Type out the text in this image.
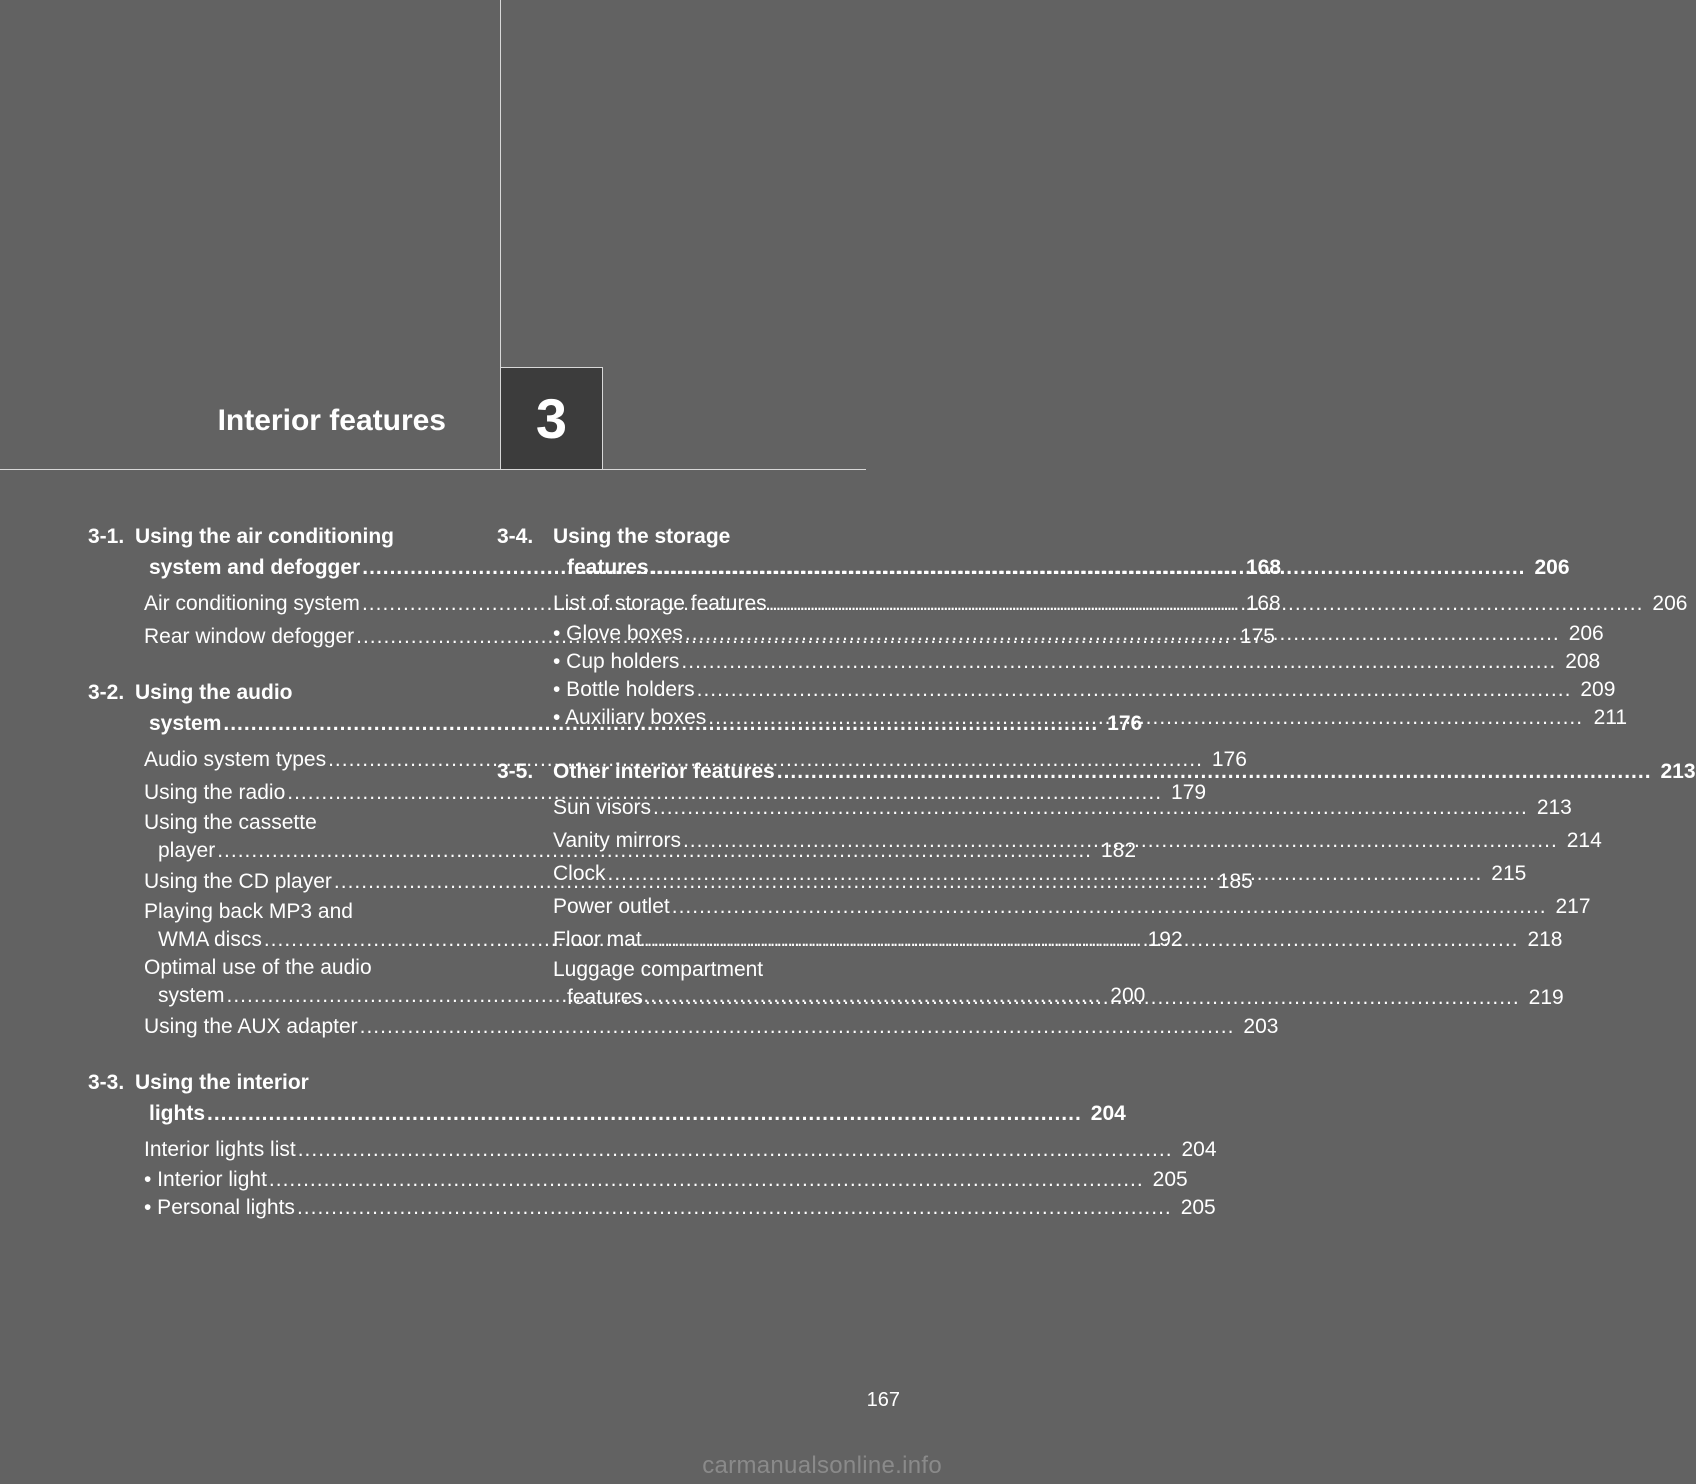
Interior features 3
3-1. Using the air conditioning
system and defogger .....	168
Air conditioning system .....	168
Rear window defogger .....	175
3-2. Using the audio
system .....	176
Audio system types .....	176
Using the radio .....	179
Using the cassette
player .....	182
Using the CD player .....	185
Playing back MP3 and
WMA discs .....	192
Optimal use of the audio
system .....	200
Using the AUX adapter .....	203
3-3. Using the interior
lights .....	204
Interior lights list .....	204
• Interior light .....	205
• Personal lights .....	205
3-4. Using the storage
features .....	206
List of storage features .....	206
• Glove boxes .....	206
• Cup holders .....	208
• Bottle holders .....	209
• Auxiliary boxes .....	211
3-5. Other interior features .....	213
Sun visors .....	213
Vanity mirrors .....	214
Clock .....	215
Power outlet .....	217
Floor mat .....	218
Luggage compartment
features .....	219
167
carmanualsonline.info
